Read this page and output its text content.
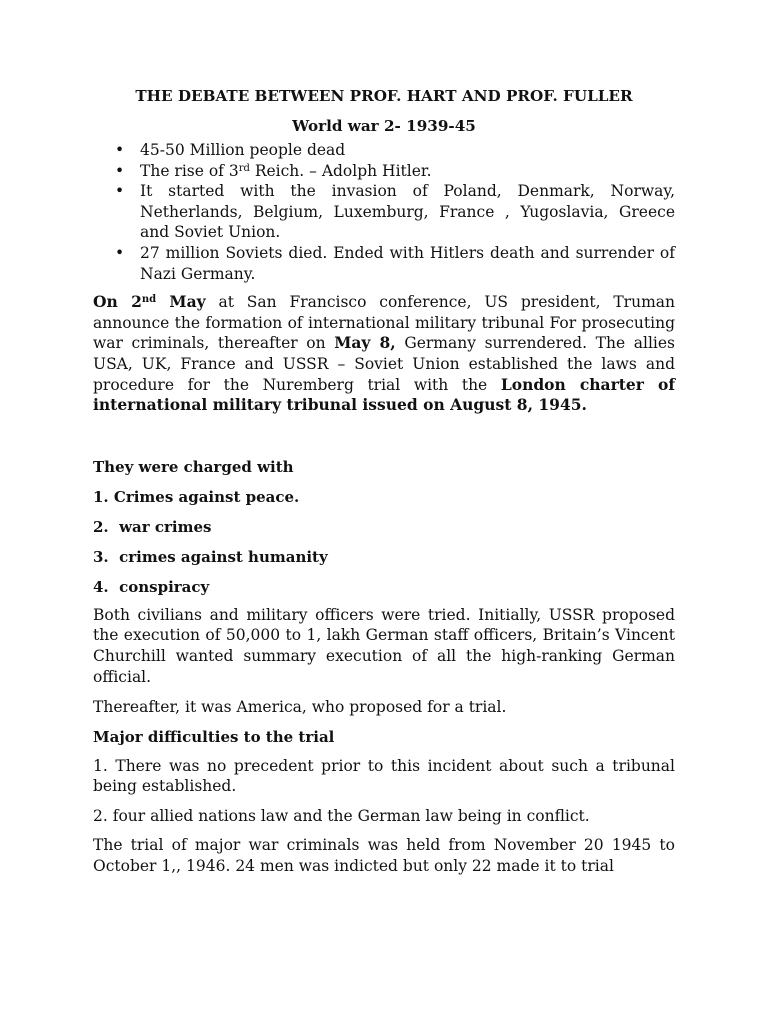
THE DEBATE BETWEEN PROF. HART AND PROF. FULLER

World war 2- 1939-45

• 45-50 Million people dead
• The rise of 3rd Reich. – Adolph Hitler.
• It started with the invasion of Poland, Denmark, Norway, Netherlands, Belgium, Luxemburg, France , Yugoslavia, Greece and Soviet Union.
• 27 million Soviets died. Ended with Hitlers death and surrender of Nazi Germany.

On 2nd May at San Francisco conference, US president, Truman announce the formation of international military tribunal For prosecuting war criminals, thereafter on May 8, Germany surrendered. The allies USA, UK, France and USSR – Soviet Union established the laws and procedure for the Nuremberg trial with the London charter of international military tribunal issued on August 8, 1945.

They were charged with

1. Crimes against peace.

2.  war crimes

3.  crimes against humanity

4.  conspiracy

Both civilians and military officers were tried. Initially, USSR proposed the execution of 50,000 to 1, lakh German staff officers, Britain’s Vincent Churchill wanted summary execution of all the high-ranking German official.

Thereafter, it was America, who proposed for a trial.

Major difficulties to the trial

1. There was no precedent prior to this incident about such a tribunal being established.

2. four allied nations law and the German law being in conflict.

The trial of major war criminals was held from November 20 1945 to October 1,, 1946. 24 men was indicted but only 22 made it to trial
